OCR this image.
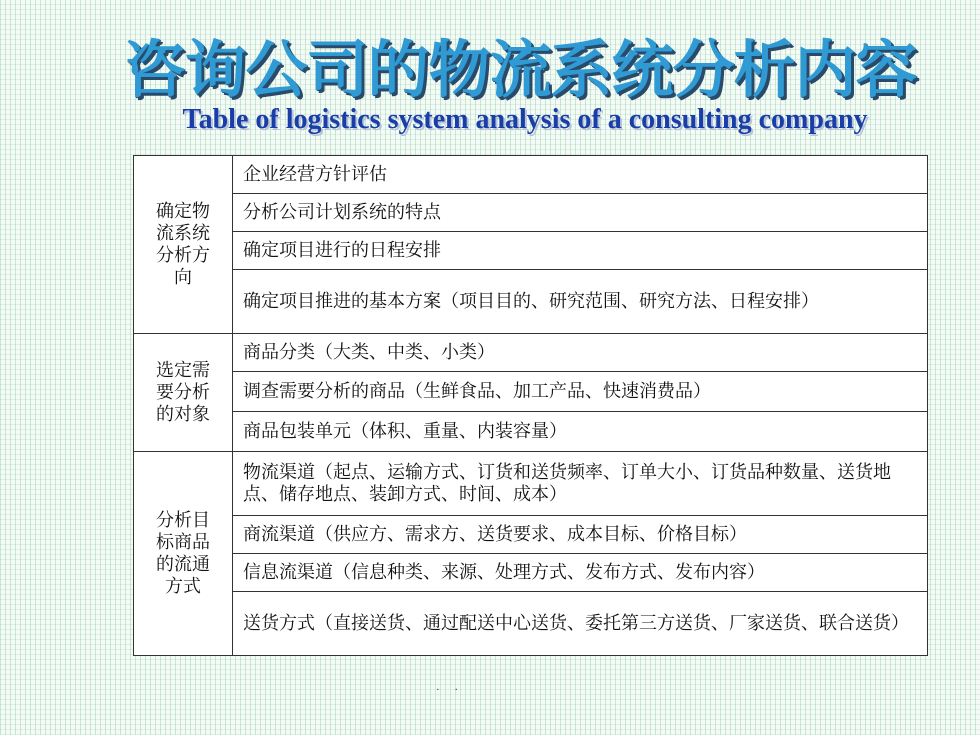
咨询公司的物流系统分析内容
Table of logistics system analysis of a consulting company
确定物流系统分析方向	企业经营方针评估
	分析公司计划系统的特点
	确定项目进行的日程安排
	确定项目推进的基本方案（项目目的、研究范围、研究方法、日程安排）
选定需要分析的对象	商品分类（大类、中类、小类）
	调查需要分析的商品（生鲜食品、加工产品、快速消费品）
	商品包装单元（体积、重量、内装容量）
分析目标商品的流通方式	物流渠道（起点、运输方式、订货和送货频率、订单大小、订货品种数量、送货地点、储存地点、装卸方式、时间、成本）
	商流渠道（供应方、需求方、送货要求、成本目标、价格目标）
	信息流渠道（信息种类、来源、处理方式、发布方式、发布内容）
	送货方式（直接送货、通过配送中心送货、委托第三方送货、厂家送货、联合送货）
. .
